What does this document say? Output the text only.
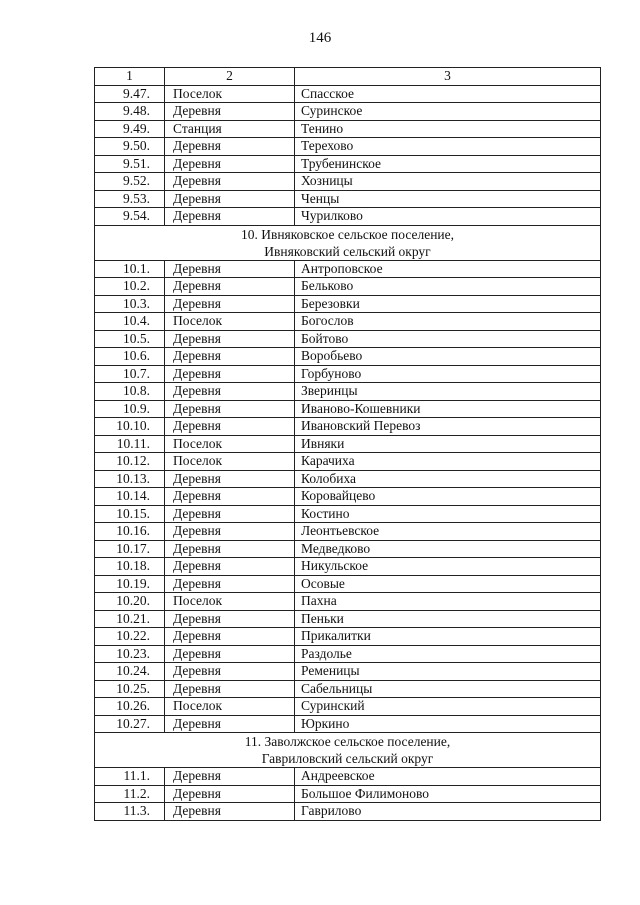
146
1	2	3
9.47.	Поселок	Спасское
9.48.	Деревня	Суринское
9.49.	Станция	Тенино
9.50.	Деревня	Терехово
9.51.	Деревня	Трубенинское
9.52.	Деревня	Хозницы
9.53.	Деревня	Ченцы
9.54.	Деревня	Чурилково

10. Ивняковское сельское поселение,
Ивняковский сельский округ		

10.1.	Деревня	Антроповское
10.2.	Деревня	Бельково
10.3.	Деревня	Березовки
10.4.	Поселок	Богослов
10.5.	Деревня	Бойтово
10.6.	Деревня	Воробьево
10.7.	Деревня	Горбуново
10.8.	Деревня	Зверинцы
10.9.	Деревня	Иваново-Кошевники
10.10.	Деревня	Ивановский Перевоз
10.11.	Поселок	Ивняки
10.12.	Поселок	Карачиха
10.13.	Деревня	Колобиха
10.14.	Деревня	Коровайцево
10.15.	Деревня	Костино
10.16.	Деревня	Леонтьевское
10.17.	Деревня	Медведково
10.18.	Деревня	Никульское
10.19.	Деревня	Осовые
10.20.	Поселок	Пахна
10.21.	Деревня	Пеньки
10.22.	Деревня	Прикалитки
10.23.	Деревня	Раздолье
10.24.	Деревня	Ременицы
10.25.	Деревня	Сабельницы
10.26.	Поселок	Суринский
10.27.	Деревня	Юркино

11. Заволжское сельское поселение,
Гавриловский сельский округ		

11.1.	Деревня	Андреевское
11.2.	Деревня	Большое Филимоново
11.3.	Деревня	Гаврилово
